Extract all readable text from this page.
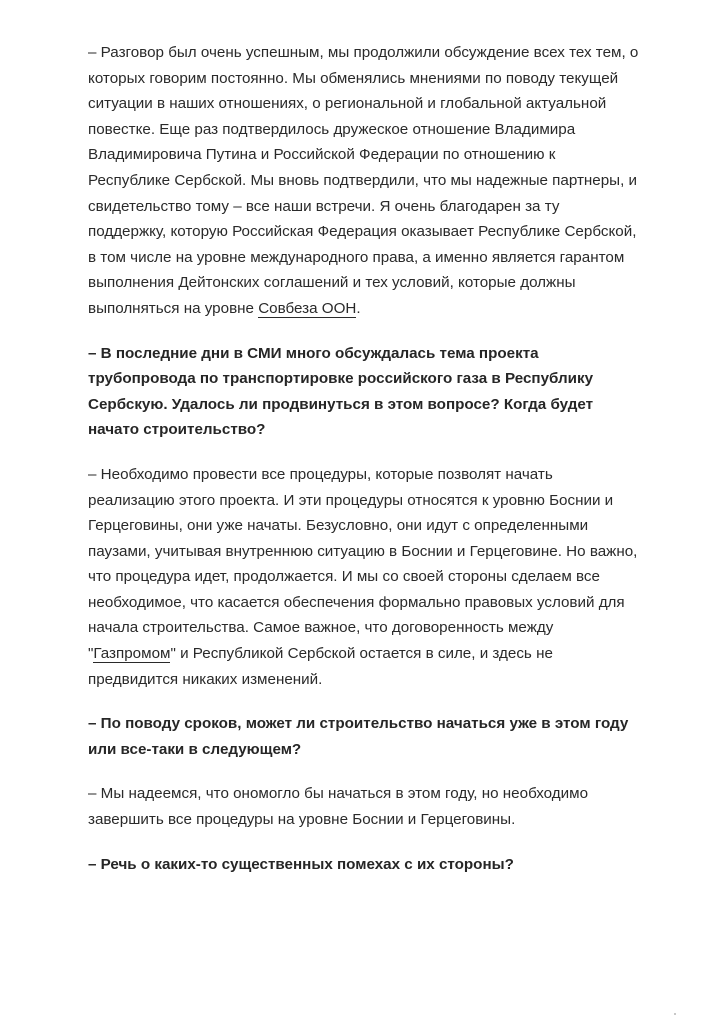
– Разговор был очень успешным, мы продолжили обсуждение всех тех тем, о которых говорим постоянно. Мы обменялись мнениями по поводу текущей ситуации в наших отношениях, о региональной и глобальной актуальной повестке. Еще раз подтвердилось дружеское отношение Владимира Владимировича Путина и Российской Федерации по отношению к Республике Сербской. Мы вновь подтвердили, что мы надежные партнеры, и свидетельство тому – все наши встречи. Я очень благодарен за ту поддержку, которую Российская Федерация оказывает Республике Сербской, в том числе на уровне международного права, а именно является гарантом выполнения Дейтонских соглашений и тех условий, которые должны выполняться на уровне Совбеза ООН.

– В последние дни в СМИ много обсуждалась тема проекта трубопровода по транспортировке российского газа в Республику Сербскую. Удалось ли продвинуться в этом вопросе? Когда будет начато строительство?

– Необходимо провести все процедуры, которые позволят начать реализацию этого проекта. И эти процедуры относятся к уровню Боснии и Герцеговины, они уже начаты. Безусловно, они идут с определенными паузами, учитывая внутреннюю ситуацию в Боснии и Герцеговине. Но важно, что процедура идет, продолжается. И мы со своей стороны сделаем все необходимое, что касается обеспечения формально правовых условий для начала строительства. Самое важное, что договоренность между "Газпромом" и Республикой Сербской остается в силе, и здесь не предвидится никаких изменений.

– По поводу сроков, может ли строительство начаться уже в этом году или все-таки в следующем?

– Мы надеемся, что ономогло бы начаться в этом году, но необходимо завершить все процедуры на уровне Боснии и Герцеговины.

– Речь о каких-то существенных помехах с их стороны?
